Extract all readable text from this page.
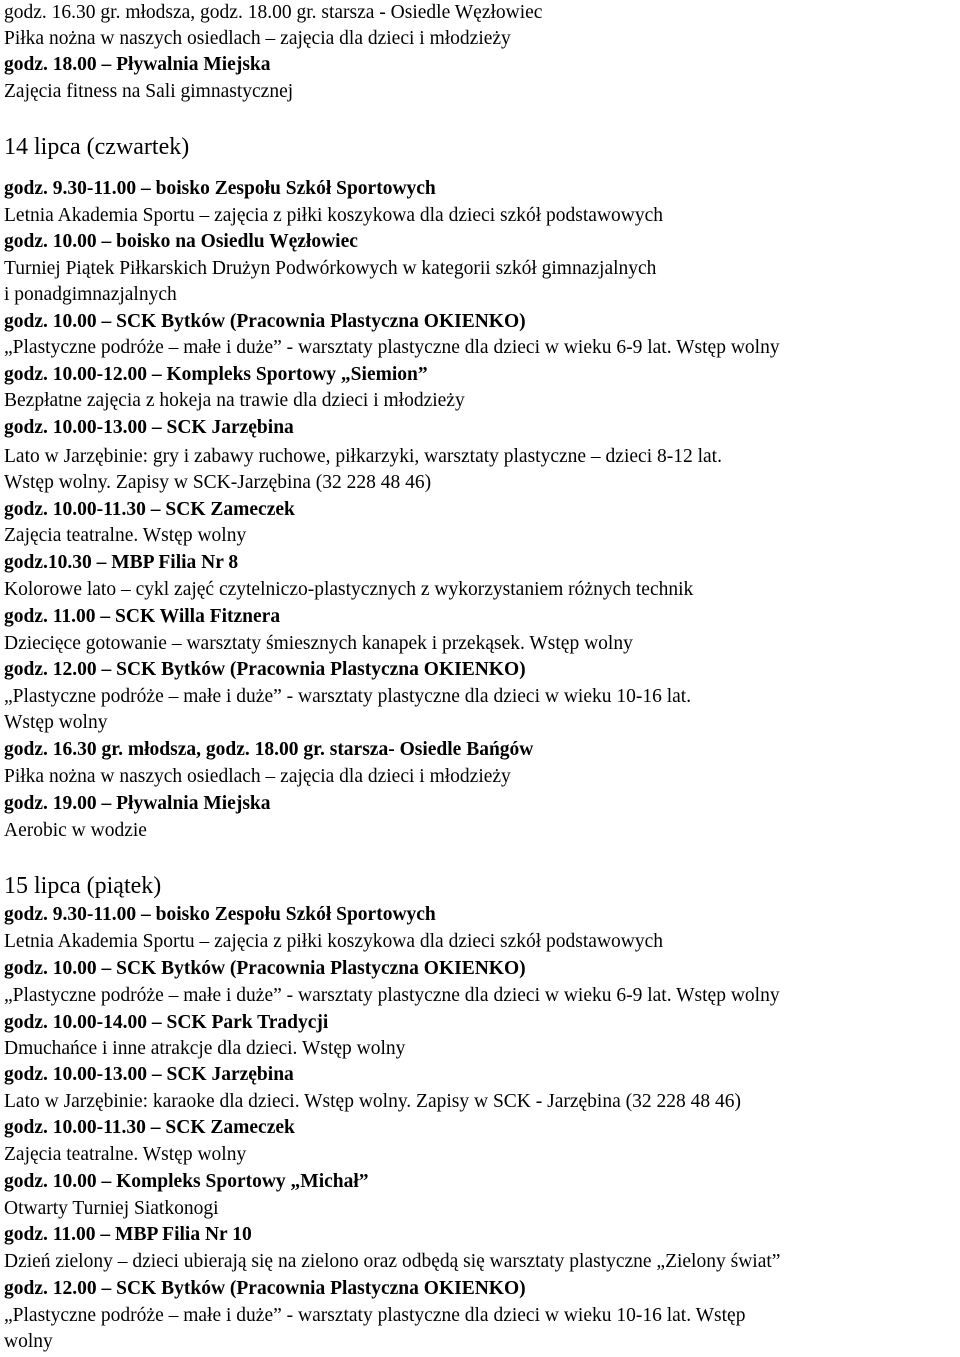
godz. 16.30 gr. młodsza, godz. 18.00 gr. starsza - Osiedle Węzłowiec
Piłka nożna w naszych osiedlach – zajęcia dla dzieci i młodzieży
godz. 18.00 – Pływalnia Miejska
Zajęcia fitness na Sali gimnastycznej
14 lipca (czwartek)
godz. 9.30-11.00 – boisko Zespołu Szkół Sportowych
Letnia Akademia Sportu – zajęcia z piłki koszykowa dla dzieci szkół podstawowych
godz. 10.00 – boisko na Osiedlu Węzłowiec
Turniej Piątek Piłkarskich Drużyn Podwórkowych w kategorii szkół gimnazjalnych
i ponadgimnazjalnych
godz. 10.00 – SCK Bytków (Pracownia Plastyczna OKIENKO)
„Plastyczne podróże – małe i duże” - warsztaty plastyczne dla dzieci w wieku 6-9 lat. Wstęp wolny
godz. 10.00-12.00 – Kompleks Sportowy „Siemion”
Bezpłatne zajęcia z hokeja na trawie dla dzieci i młodzieży
godz. 10.00-13.00 – SCK Jarzębina
Lato w Jarzębinie: gry i zabawy ruchowe, piłkarzyki, warsztaty plastyczne – dzieci 8-12 lat.
Wstęp wolny. Zapisy w SCK-Jarzębina (32 228 48 46)
godz. 10.00-11.30 – SCK Zameczek
Zajęcia teatralne. Wstęp wolny
godz.10.30 – MBP Filia Nr 8
Kolorowe lato – cykl zajęć czytelniczo-plastycznych z wykorzystaniem różnych technik
godz. 11.00 – SCK Willa Fitznera
Dziecięce gotowanie – warsztaty śmiesznych kanapek i przekąsek. Wstęp wolny
godz. 12.00 – SCK Bytków (Pracownia Plastyczna OKIENKO)
„Plastyczne podróże – małe i duże” - warsztaty plastyczne dla dzieci w wieku 10-16 lat.
Wstęp wolny
godz. 16.30 gr. młodsza, godz. 18.00 gr. starsza- Osiedle Bańgów
Piłka nożna w naszych osiedlach – zajęcia dla dzieci i młodzieży
godz. 19.00 – Pływalnia Miejska
Aerobic w wodzie
15 lipca (piątek)
godz. 9.30-11.00 – boisko Zespołu Szkół Sportowych
Letnia Akademia Sportu – zajęcia z piłki koszykowa dla dzieci szkół podstawowych
godz. 10.00 – SCK Bytków (Pracownia Plastyczna OKIENKO)
„Plastyczne podróże – małe i duże” - warsztaty plastyczne dla dzieci w wieku 6-9 lat. Wstęp wolny
godz. 10.00-14.00 – SCK Park Tradycji
Dmuchańce i inne atrakcje dla dzieci. Wstęp wolny
godz. 10.00-13.00 – SCK Jarzębina
Lato w Jarzębinie: karaoke dla dzieci. Wstęp wolny. Zapisy w SCK - Jarzębina (32 228 48 46)
godz. 10.00-11.30 – SCK Zameczek
Zajęcia teatralne. Wstęp wolny
godz. 10.00 – Kompleks Sportowy „Michał”
Otwarty Turniej Siatkonogi
godz. 11.00 – MBP Filia Nr 10
Dzień zielony – dzieci ubierają się na zielono oraz odbędą się warsztaty plastyczne „Zielony świat”
godz. 12.00 – SCK Bytków (Pracownia Plastyczna OKIENKO)
„Plastyczne podróże – małe i duże” - warsztaty plastyczne dla dzieci w wieku 10-16 lat. Wstęp
wolny
